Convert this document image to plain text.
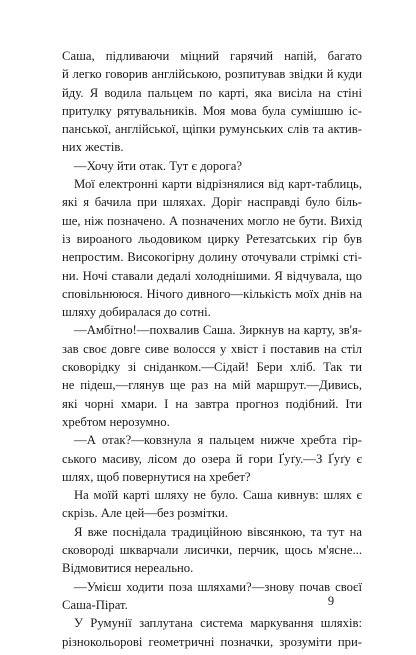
Саша, підливаючи міцний гарячий напій, багато
й легко говорив англійською, розпитував звідки й куди
йду. Я водила пальцем по карті, яка висіла на стіні
притулку рятувальників. Моя мова була сумішшю іс-
панської, англійської, щіпки румунських слів та актив-
них жестів.
—Хочу йти отак. Тут є дорога?
Мої електронні карти відрізнялися від карт-таблиць,
які я бачила при шляхах. Доріг насправді було біль-
ше, ніж позначено. А позначених могло не бути. Вихід
із вироаного льодовиком цирку Ретезатських гір був
непростим. Високогірну долину оточували стрімкі сті-
ни. Ночі ставали дедалі холоднішими. Я відчувала, що
сповільнююся. Нічого дивного—кількість моїх днів на
шляху добиралася до сотні.
—Амбітно!—похвалив Саша. Зиркнув на карту, зв'я-
зав своє довге сиве волосся у хвіст і поставив на стіл
сковорідку зі сніданком.—Сідай! Бери хліб. Так ти
не підеш,—глянув ще раз на мій маршрут.—Дивись,
які чорні хмари. І на завтра прогноз подібний. Іти
хребтом нерозумно.
—А отак?—ковзнула я пальцем нижче хребта гір-
ського масиву, лісом до озера й гори Ґуґу.—З Ґуґу є
шлях, щоб повернутися на хребет?
На моїй карті шляху не було. Саша кивнув: шлях є
скрізь. Але цей—без розмітки.
Я вже поснідала традиційною вівсянкою, та тут на
сковороді шкварчали лисички, перчик, щось м'ясне...
Відмовитися нереально.
—Умієш ходити поза шляхами?—знову почав своєї
Саша-Пірат.
У Румунії заплутана система маркування шляхів:
різнокольорові геометричні позначки, зрозуміти при-
9
